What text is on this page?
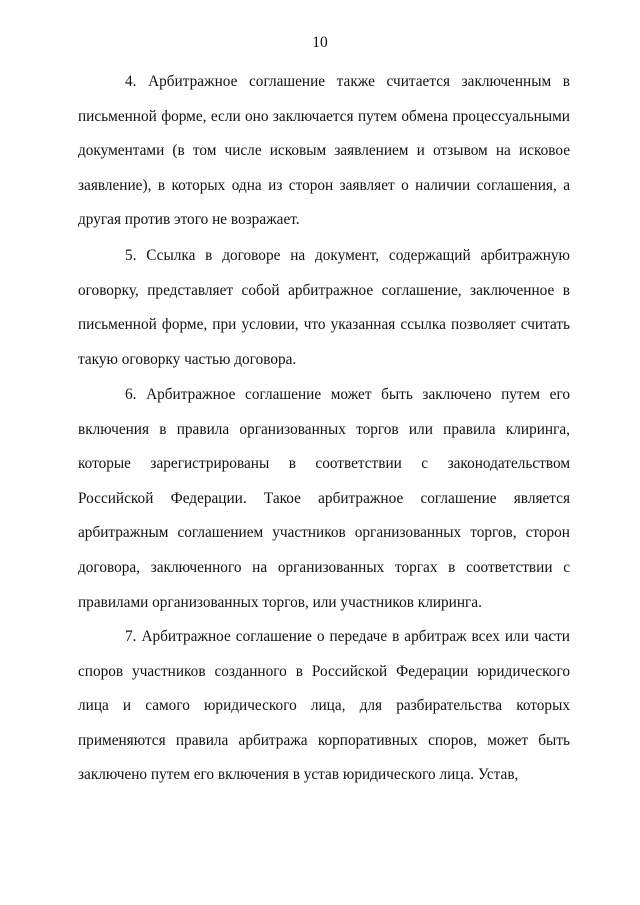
10

4. Арбитражное соглашение также считается заключенным в письменной форме, если оно заключается путем обмена процессуальными документами (в том числе исковым заявлением и отзывом на исковое заявление), в которых одна из сторон заявляет о наличии соглашения, а другая против этого не возражает.

5. Ссылка в договоре на документ, содержащий арбитражную оговорку, представляет собой арбитражное соглашение, заключенное в письменной форме, при условии, что указанная ссылка позволяет считать такую оговорку частью договора.

6. Арбитражное соглашение может быть заключено путем его включения в правила организованных торгов или правила клиринга, которые зарегистрированы в соответствии с законодательством Российской Федерации. Такое арбитражное соглашение является арбитражным соглашением участников организованных торгов, сторон договора, заключенного на организованных торгах в соответствии с правилами организованных торгов, или участников клиринга.

7. Арбитражное соглашение о передаче в арбитраж всех или части споров участников созданного в Российской Федерации юридического лица и самого юридического лица, для разбирательства которых применяются правила арбитража корпоративных споров, может быть заключено путем его включения в устав юридического лица. Устав,
